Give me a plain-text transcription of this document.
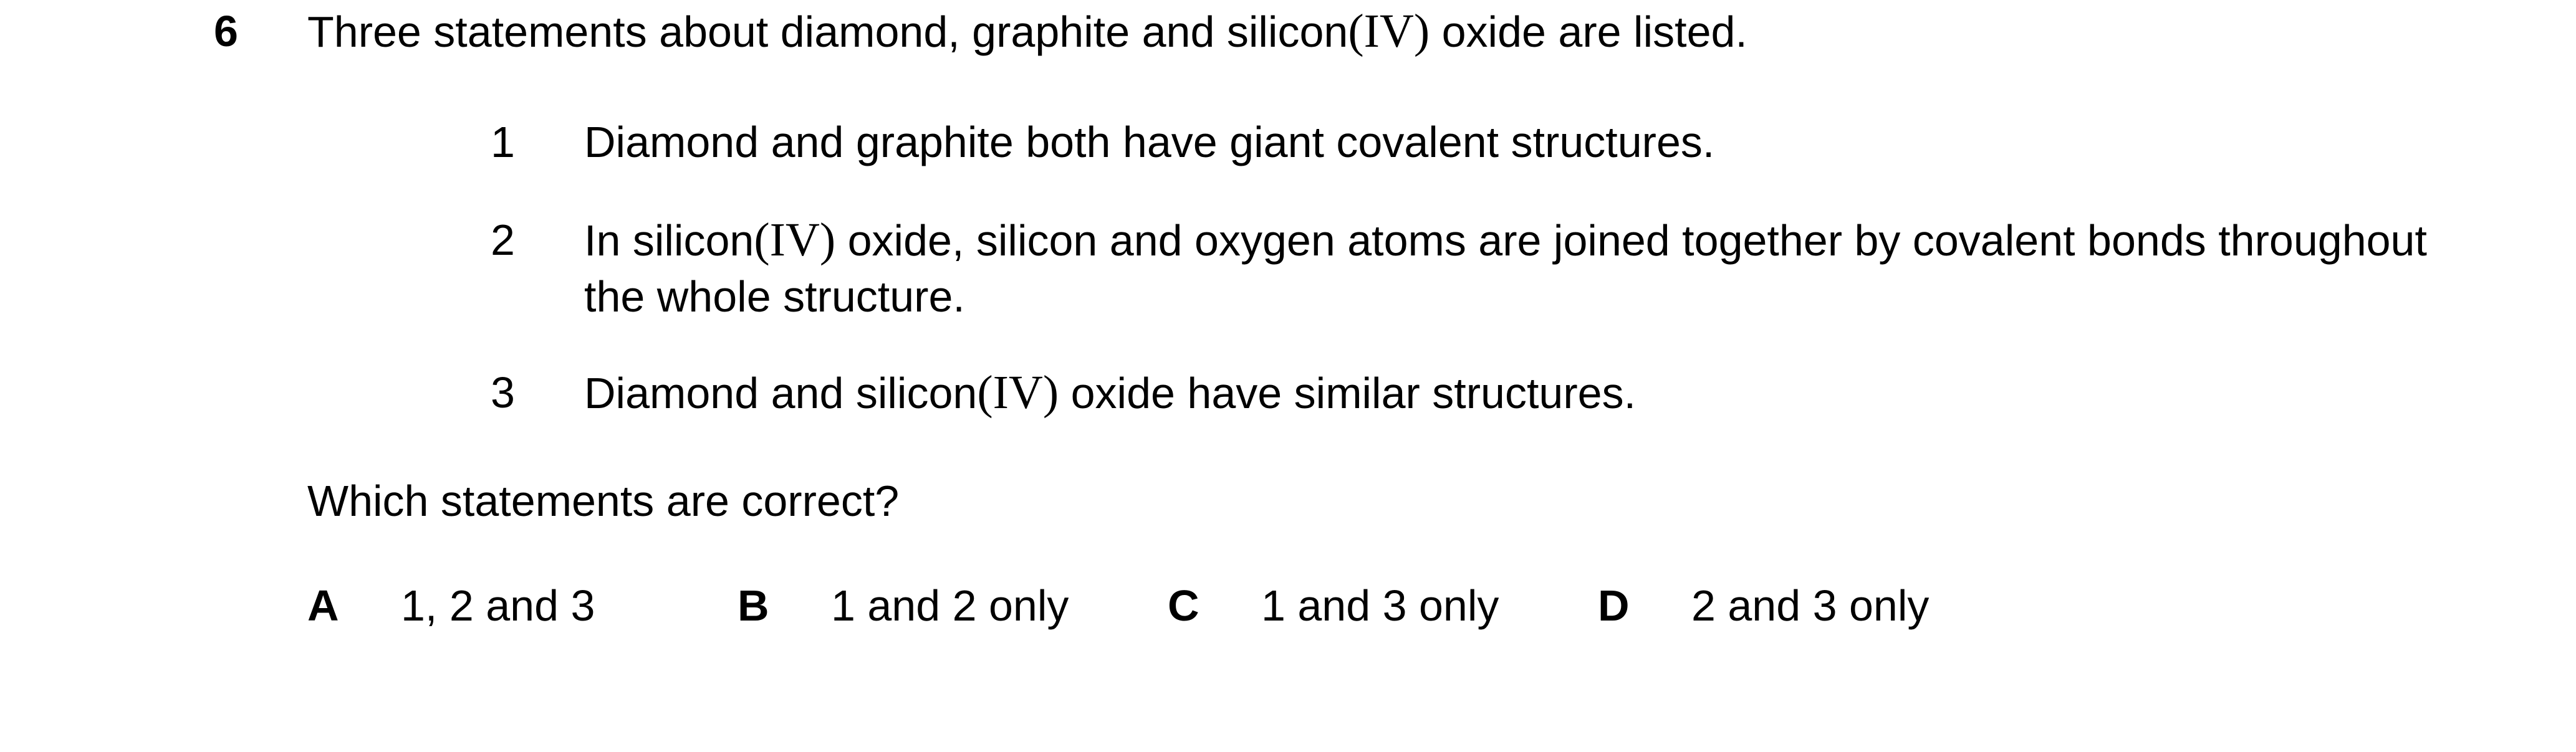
6 Three statements about diamond, graphite and silicon(IV) oxide are listed.
1 Diamond and graphite both have giant covalent structures.
2 In silicon(IV) oxide, silicon and oxygen atoms are joined together by covalent bonds throughout the whole structure.
3 Diamond and silicon(IV) oxide have similar structures.
Which statements are correct?
A 1, 2 and 3	B 1 and 2 only C 1 and 3 only D 2 and 3 only
